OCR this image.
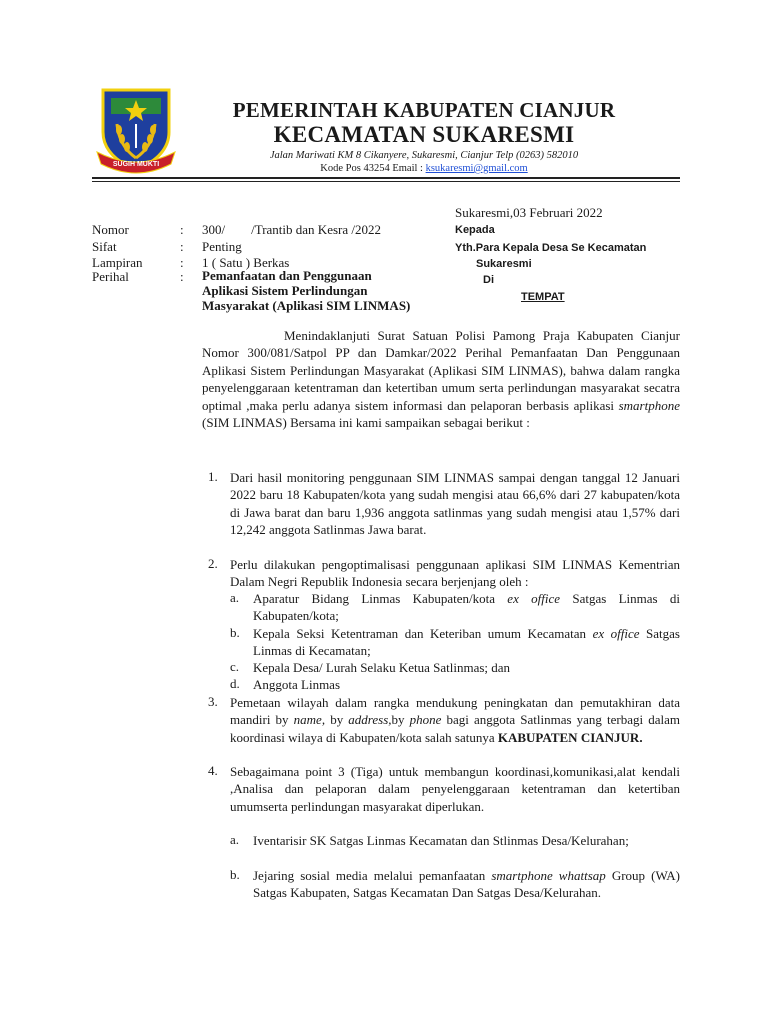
SUGIH MUKTI
PEMERINTAH KABUPATEN CIANJUR
KECAMATAN SUKARESMI
Jalan Mariwati KM 8 Cikanyere, Sukaresmi, Cianjur Telp (0263) 582010
Kode Pos 43254 Email : ksukaresmi@gmail.com
Sukaresmi,03 Februari 2022
Nomor	: 300/        /Trantib dan Kesra /2022
Sifat	: Penting
Lampiran	: 1 ( Satu ) Berkas
Perihal	: Pemanfaatan dan Penggunaan
Aplikasi Sistem Perlindungan
Masyarakat (Aplikasi SIM LINMAS)
Kepada
Yth.Para Kepala Desa Se Kecamatan
Sukaresmi
Di
TEMPAT
Menindaklanjuti Surat Satuan Polisi Pamong Praja Kabupaten Cianjur Nomor 300/081/Satpol PP dan Damkar/2022 Perihal Pemanfaatan Dan Penggunaan Aplikasi Sistem Perlindungan Masyarakat (Aplikasi SIM LINMAS), bahwa dalam rangka penyelenggaraan ketentraman dan ketertiban umum serta perlindungan masyarakat secatra optimal ,maka perlu adanya sistem informasi dan pelaporan berbasis aplikasi smartphone (SIM LINMAS) Bersama ini kami sampaikan sebagai berikut :
1. Dari hasil monitoring penggunaan SIM LINMAS sampai dengan tanggal 12 Januari 2022 baru 18 Kabupaten/kota yang sudah mengisi atau 66,6% dari 27 kabupaten/kota di Jawa barat dan baru 1,936 anggota satlinmas yang sudah mengisi atau 1,57% dari 12,242 anggota Satlinmas Jawa barat.
2. Perlu dilakukan pengoptimalisasi penggunaan aplikasi SIM LINMAS Kementrian Dalam Negri Republik Indonesia secara berjenjang oleh :
a. Aparatur Bidang Linmas Kabupaten/kota ex office Satgas Linmas di Kabupaten/kota;
b. Kepala Seksi Ketentraman dan Keteriban umum Kecamatan ex office Satgas Linmas di Kecamatan;
c. Kepala Desa/ Lurah Selaku Ketua Satlinmas; dan
d. Anggota Linmas
3. Pemetaan wilayah dalam rangka mendukung peningkatan dan pemutakhiran data mandiri by name, by address,by phone bagi anggota Satlinmas yang terbagi dalam koordinasi wilaya di Kabupaten/kota salah satunya KABUPATEN CIANJUR.
4. Sebagaimana point 3 (Tiga) untuk membangun koordinasi,komunikasi,alat kendali ,Analisa dan pelaporan dalam penyelenggaraan ketentraman dan ketertiban umumserta perlindungan masyarakat diperlukan.
a. Iventarisir SK Satgas Linmas Kecamatan dan Stlinmas Desa/Kelurahan;
b. Jejaring sosial media melalui pemanfaatan smartphone whattsap Group (WA) Satgas Kabupaten, Satgas Kecamatan Dan Satgas Desa/Kelurahan.
